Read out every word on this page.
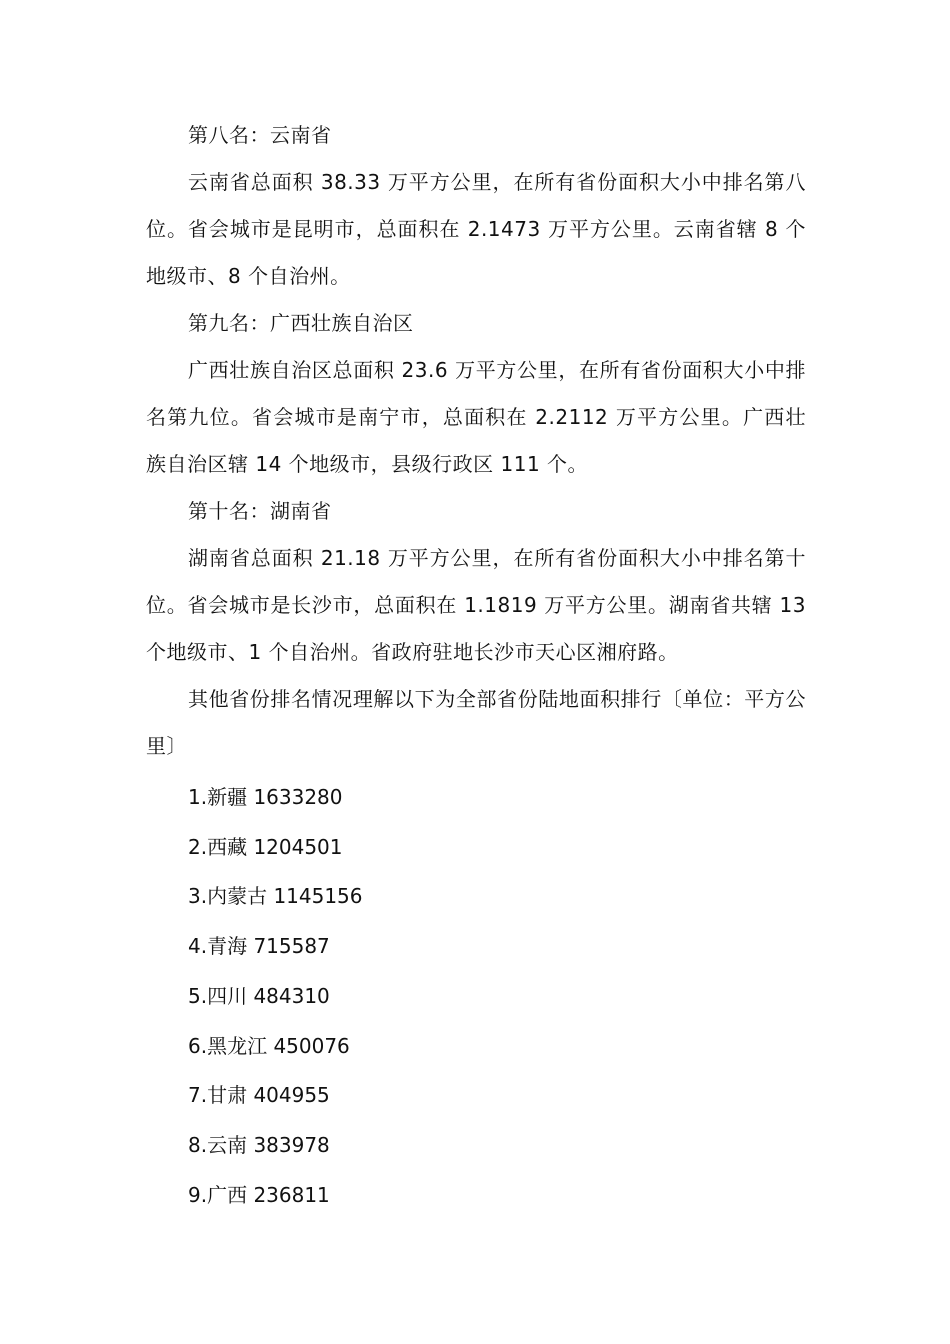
第八名：云南省

云南省总面积 38.33 万平方公里，在所有省份面积大小中排名第八位。省会城市是昆明市，总面积在 2.1473 万平方公里。云南省辖 8 个地级市、8 个自治州。

第九名：广西壮族自治区

广西壮族自治区总面积 23.6 万平方公里，在所有省份面积大小中排名第九位。省会城市是南宁市，总面积在 2.2112 万平方公里。广西壮族自治区辖 14 个地级市，县级行政区 111 个。

第十名：湖南省

湖南省总面积 21.18 万平方公里，在所有省份面积大小中排名第十位。省会城市是长沙市，总面积在 1.1819 万平方公里。湖南省共辖 13 个地级市、1 个自治州。省政府驻地长沙市天心区湘府路。

其他省份排名情况理解以下为全部省份陆地面积排行〔单位：平方公里〕

1.新疆 1633280

2.西藏 1204501

3.内蒙古 1145156

4.青海 715587

5.四川 484310

6.黑龙江 450076

7.甘肃 404955

8.云南 383978

9.广西 236811
